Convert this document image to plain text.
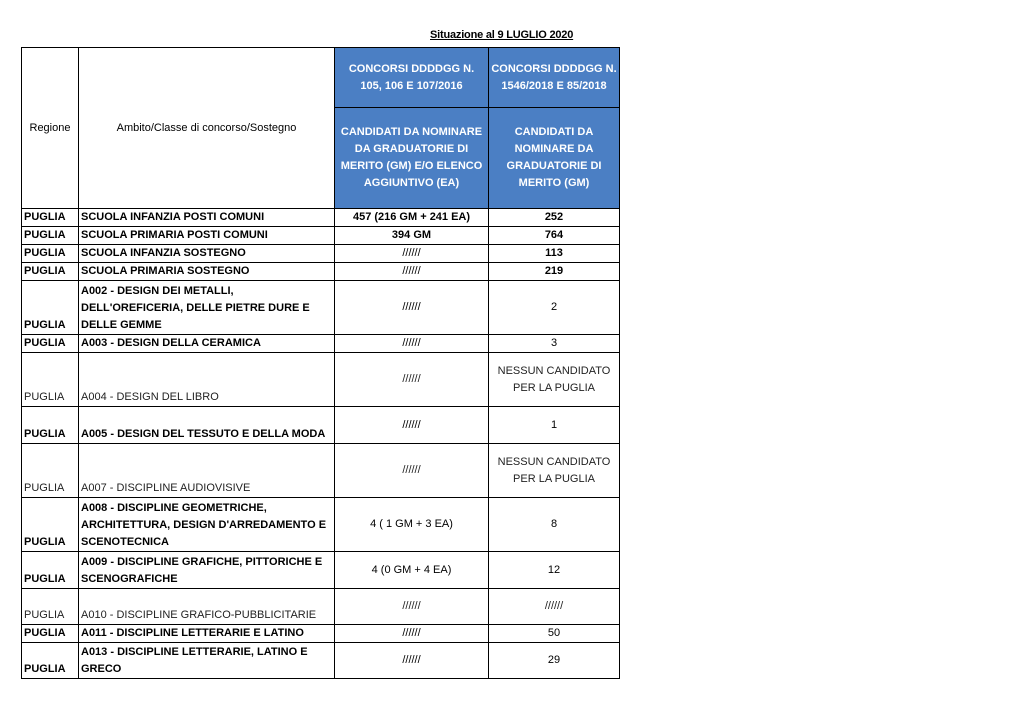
Situazione al 9 LUGLIO 2020
Regione	Ambito/Classe di concorso/Sostegno	CONCORSI DDDDGG N. 105, 106 E 107/2016	CONCORSI DDDDGG N. 1546/2018 E 85/2018
		CANDIDATI DA NOMINARE DA GRADUATORIE DI MERITO (GM) E/O ELENCO AGGIUNTIVO (EA)	CANDIDATI DA NOMINARE DA GRADUATORIE DI MERITO (GM)
PUGLIA	SCUOLA INFANZIA POSTI COMUNI	457 (216 GM + 241 EA)	252
PUGLIA	SCUOLA PRIMARIA POSTI COMUNI	394 GM	764
PUGLIA	SCUOLA INFANZIA SOSTEGNO	//////	113
PUGLIA	SCUOLA PRIMARIA SOSTEGNO	//////	219
PUGLIA	A002 - DESIGN DEI METALLI, DELL'OREFICERIA, DELLE PIETRE DURE E DELLE GEMME	//////	2
PUGLIA	A003 - DESIGN DELLA CERAMICA	//////	3
PUGLIA	A004 - DESIGN DEL LIBRO	//////	NESSUN CANDIDATO PER LA PUGLIA
PUGLIA	A005 - DESIGN DEL TESSUTO E DELLA MODA	//////	1
PUGLIA	A007 - DISCIPLINE AUDIOVISIVE	//////	NESSUN CANDIDATO PER LA PUGLIA
PUGLIA	A008 - DISCIPLINE GEOMETRICHE, ARCHITETTURA, DESIGN D'ARREDAMENTO E SCENOTECNICA	4 ( 1 GM + 3 EA)	8
PUGLIA	A009 - DISCIPLINE GRAFICHE, PITTORICHE E SCENOGRAFICHE	4 (0 GM + 4 EA)	12
PUGLIA	A010 - DISCIPLINE GRAFICO-PUBBLICITARIE	//////	//////
PUGLIA	A011 - DISCIPLINE LETTERARIE E LATINO	//////	50
PUGLIA	A013 - DISCIPLINE LETTERARIE, LATINO E GRECO	//////	29
